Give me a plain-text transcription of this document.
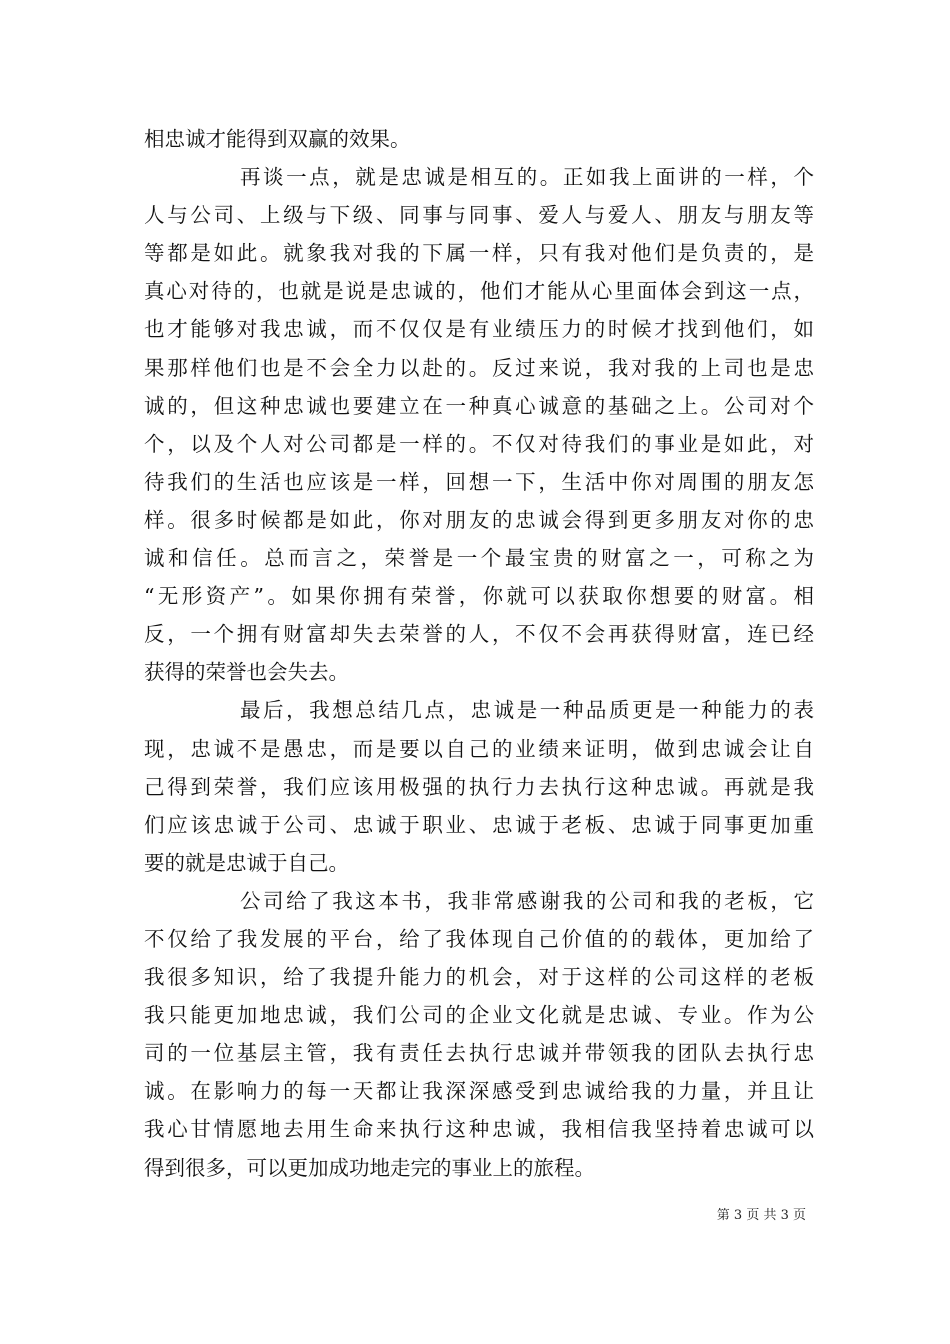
相忠诚才能得到双赢的效果。
再谈一点，就是忠诚是相互的。正如我上面讲的一样，个
人与公司、上级与下级、同事与同事、爱人与爱人、朋友与朋友等
等都是如此。就象我对我的下属一样，只有我对他们是负责的，是
真心对待的，也就是说是忠诚的，他们才能从心里面体会到这一点，
也才能够对我忠诚，而不仅仅是有业绩压力的时候才找到他们，如
果那样他们也是不会全力以赴的。反过来说，我对我的上司也是忠
诚的，但这种忠诚也要建立在一种真心诚意的基础之上。公司对个
个，以及个人对公司都是一样的。不仅对待我们的事业是如此，对
待我们的生活也应该是一样，回想一下，生活中你对周围的朋友怎
样。很多时候都是如此，你对朋友的忠诚会得到更多朋友对你的忠
诚和信任。总而言之，荣誉是一个最宝贵的财富之一，可称之为
“无形资产”。如果你拥有荣誉，你就可以获取你想要的财富。相
反，一个拥有财富却失去荣誉的人，不仅不会再获得财富，连已经
获得的荣誉也会失去。
最后，我想总结几点，忠诚是一种品质更是一种能力的表
现，忠诚不是愚忠，而是要以自己的业绩来证明，做到忠诚会让自
己得到荣誉，我们应该用极强的执行力去执行这种忠诚。再就是我
们应该忠诚于公司、忠诚于职业、忠诚于老板、忠诚于同事更加重
要的就是忠诚于自己。
公司给了我这本书，我非常感谢我的公司和我的老板，它
不仅给了我发展的平台，给了我体现自己价值的的载体，更加给了
我很多知识，给了我提升能力的机会，对于这样的公司这样的老板
我只能更加地忠诚，我们公司的企业文化就是忠诚、专业。作为公
司的一位基层主管，我有责任去执行忠诚并带领我的团队去执行忠
诚。在影响力的每一天都让我深深感受到忠诚给我的力量，并且让
我心甘情愿地去用生命来执行这种忠诚，我相信我坚持着忠诚可以
得到很多，可以更加成功地走完的事业上的旅程。
第 3 页 共 3 页
